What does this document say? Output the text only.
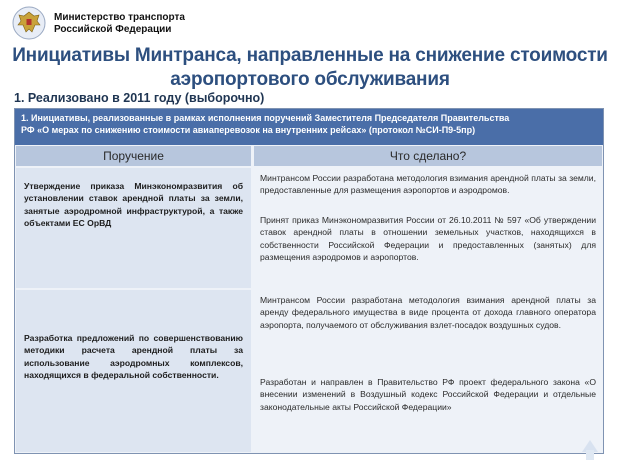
Министерство транспорта
Российской Федерации
Инициативы Минтранса, направленные на снижение стоимости
аэропортового обслуживания
1. Реализовано в 2011 году (выборочно)
1. Инициативы, реализованные в рамках исполнения поручений Заместителя Председателя Правительства
РФ «О мерах по снижению стоимости авиаперевозок на внутренних рейсах» (протокол №СИ-П9-5пр)
Поручение	Что сделано?
Утверждение приказа Минэкономразвития об установлении ставок арендной платы за земли, занятые аэродромной инфраструктурой, а также объектами ЕС ОрВД
Минтрансом России разработана методология взимания арендной платы за земли, предоставленные для размещения аэропортов и аэродромов.
Принят приказ Минэкономразвития России от 26.10.2011 № 597 «Об утверждении ставок арендной платы в отношении земельных участков, находящихся в собственности Российской Федерации и предоставленных (занятых) для размещения аэродромов и аэропортов.
Разработка предложений по совершенствованию методики расчета арендной платы за использование аэродромных комплексов, находящихся в федеральной собственности.
Минтрансом России разработана методология взимания арендной платы за аренду федерального имущества в виде процента от дохода главного оператора аэропорта, получаемого от обслуживания взлет-посадок воздушных судов.
Разработан и направлен в Правительство РФ проект федерального закона «О внесении изменений в Воздушный кодекс Российской Федерации и отдельные законодательные акты Российской Федерации»
